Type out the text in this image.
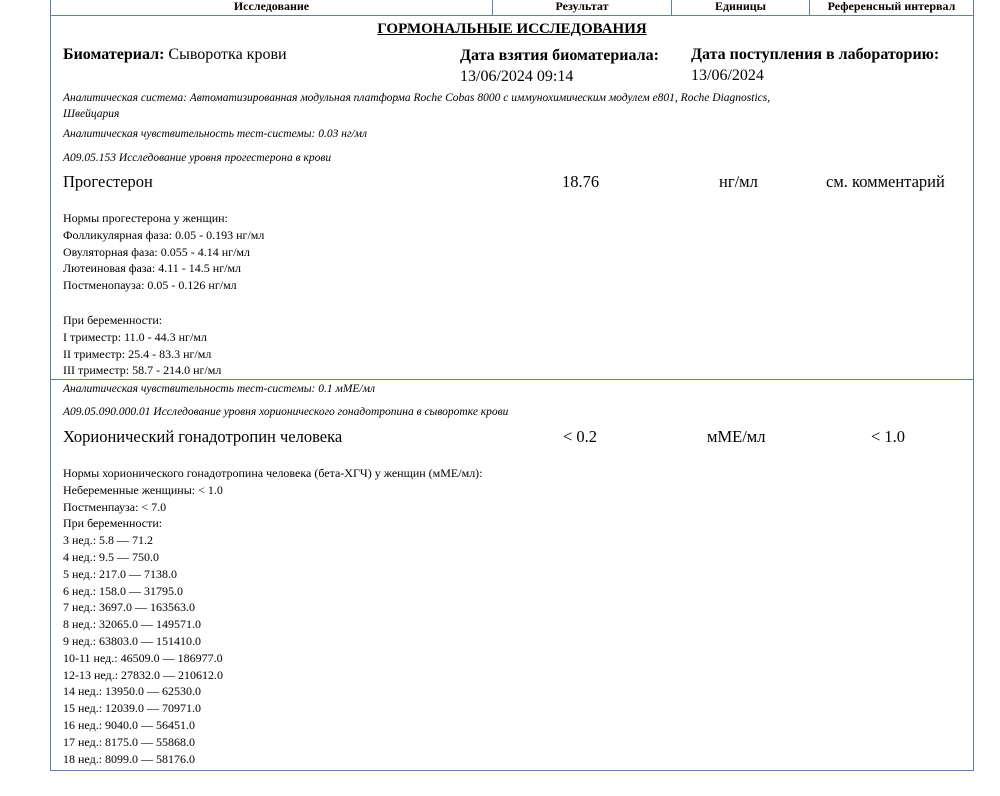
Исследование	Результат	Единицы	Референсный интервал
ГОРМОНАЛЬНЫЕ ИССЛЕДОВАНИЯ
Биоматериал: Сыворотка крови	Дата взятия биоматериала:
13/06/2024 09:14
Дата поступления в лабораторию:
13/06/2024
Аналитическая система: Автоматизированная модульная платформа Roche Cobas 8000 с иммунохимическим модулем e801, Roche Diagnostics,
Швейцария
Аналитическая чувствительность тест-системы: 0.03 нг/мл
A09.05.153 Исследование уровня прогестерона в крови
Прогестерон	18.76	нг/мл	см. комментарий
Нормы прогестерона у женщин:
Фолликулярная фаза: 0.05 - 0.193 нг/мл
Овуляторная фаза: 0.055 - 4.14 нг/мл
Лютеиновая фаза: 4.11 - 14.5 нг/мл
Постменопауза: 0.05 - 0.126 нг/мл
При беременности:
I триместр: 11.0 - 44.3 нг/мл
II триместр: 25.4 - 83.3 нг/мл
III триместр: 58.7 - 214.0 нг/мл
Аналитическая чувствительность тест-системы: 0.1 мМЕ/мл
A09.05.090.000.01 Исследование уровня хорионического гонадотропина в сыворотке крови
Хорионический гонадотропин человека	< 0.2	мМЕ/мл	< 1.0
Нормы хорионического гонадотропина человека (бета-ХГЧ) у женщин (мМЕ/мл):
Небеременные женщины: < 1.0
Постменпауза: < 7.0
При беременности:
3 нед.: 5.8 — 71.2
4 нед.: 9.5 — 750.0
5 нед.: 217.0 — 7138.0
6 нед.: 158.0 — 31795.0
7 нед.: 3697.0 — 163563.0
8 нед.: 32065.0 — 149571.0
9 нед.: 63803.0 — 151410.0
10-11 нед.: 46509.0 — 186977.0
12-13 нед.: 27832.0 — 210612.0
14 нед.: 13950.0 — 62530.0
15 нед.: 12039.0 — 70971.0
16 нед.: 9040.0 — 56451.0
17 нед.: 8175.0 — 55868.0
18 нед.: 8099.0 — 58176.0
